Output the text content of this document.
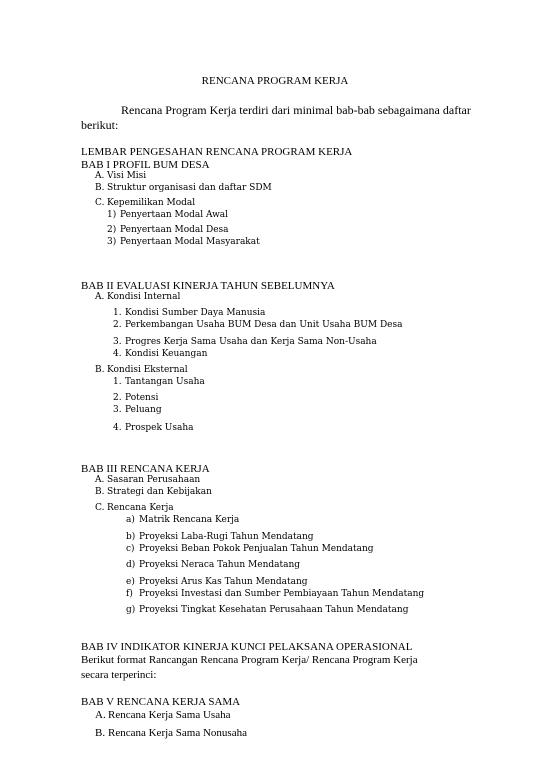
RENCANA PROGRAM KERJA
Rencana Program Kerja terdiri dari minimal bab-bab sebagaimana daftar
berikut:
LEMBAR PENGESAHAN RENCANA PROGRAM KERJA
BAB I PROFIL BUM DESA
A. Visi Misi
B. Struktur organisasi dan daftar SDM
C. Kepemilikan Modal
1) Penyertaan Modal Awal
2) Penyertaan Modal Desa
3) Penyertaan Modal Masyarakat
BAB II EVALUASI KINERJA TAHUN SEBELUMNYA
A. Kondisi Internal
1. Kondisi Sumber Daya Manusia
2. Perkembangan Usaha BUM Desa dan Unit Usaha BUM Desa
3. Progres Kerja Sama Usaha dan Kerja Sama Non-Usaha
4. Kondisi Keuangan
B. Kondisi Eksternal
1. Tantangan Usaha
2. Potensi
3. Peluang
4. Prospek Usaha
BAB III RENCANA KERJA
A. Sasaran Perusahaan
B. Strategi dan Kebijakan
C. Rencana Kerja
a) Matrik Rencana Kerja
b) Proyeksi Laba-Rugi Tahun Mendatang
c) Proyeksi Beban Pokok Penjualan Tahun Mendatang
d) Proyeksi Neraca Tahun Mendatang
e) Proyeksi Arus Kas Tahun Mendatang
f) Proyeksi Investasi dan Sumber Pembiayaan Tahun Mendatang
g) Proyeksi Tingkat Kesehatan Perusahaan Tahun Mendatang
BAB IV INDIKATOR KINERJA KUNCI PELAKSANA OPERASIONAL
Berikut format Rancangan Rencana Program Kerja/ Rencana Program Kerja
secara terperinci:
BAB V RENCANA KERJA SAMA
A. Rencana Kerja Sama Usaha
B. Rencana Kerja Sama Nonusaha
